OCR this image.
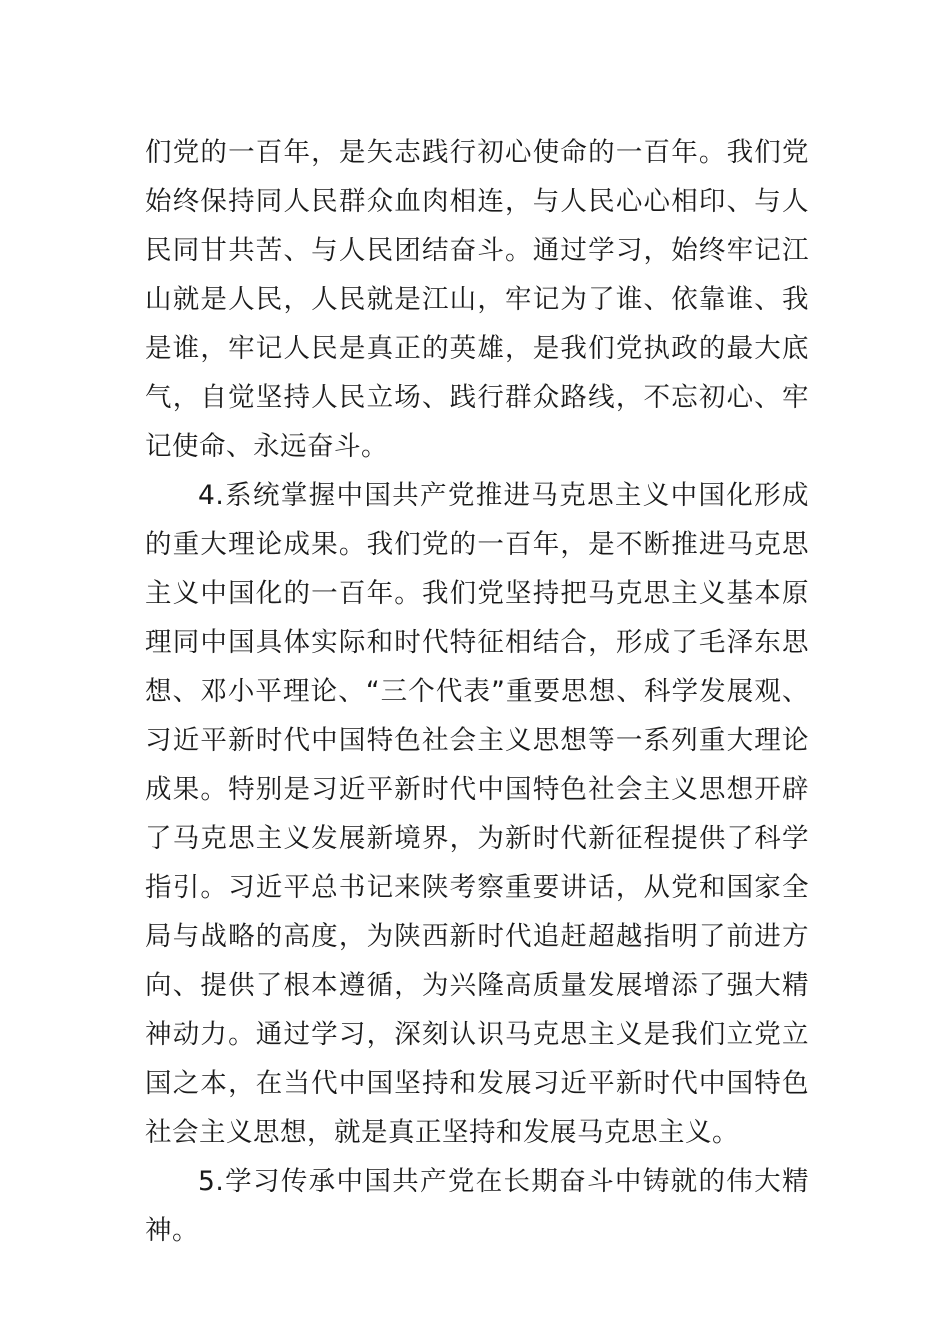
们党的一百年，是矢志践行初心使命的一百年。我们党始终保持同人民群众血肉相连，与人民心心相印、与人民同甘共苦、与人民团结奋斗。通过学习，始终牢记江山就是人民，人民就是江山，牢记为了谁、依靠谁、我是谁，牢记人民是真正的英雄，是我们党执政的最大底气，自觉坚持人民立场、践行群众路线，不忘初心、牢记使命、永远奋斗。

4.系统掌握中国共产党推进马克思主义中国化形成的重大理论成果。我们党的一百年，是不断推进马克思主义中国化的一百年。我们党坚持把马克思主义基本原理同中国具体实际和时代特征相结合，形成了毛泽东思想、邓小平理论、“三个代表”重要思想、科学发展观、习近平新时代中国特色社会主义思想等一系列重大理论成果。特别是习近平新时代中国特色社会主义思想开辟了马克思主义发展新境界，为新时代新征程提供了科学指引。习近平总书记来陕考察重要讲话，从党和国家全局与战略的高度，为陕西新时代追赶超越指明了前进方向、提供了根本遵循，为兴隆高质量发展增添了强大精神动力。通过学习，深刻认识马克思主义是我们立党立国之本，在当代中国坚持和发展习近平新时代中国特色社会主义思想，就是真正坚持和发展马克思主义。

5.学习传承中国共产党在长期奋斗中铸就的伟大精神。
